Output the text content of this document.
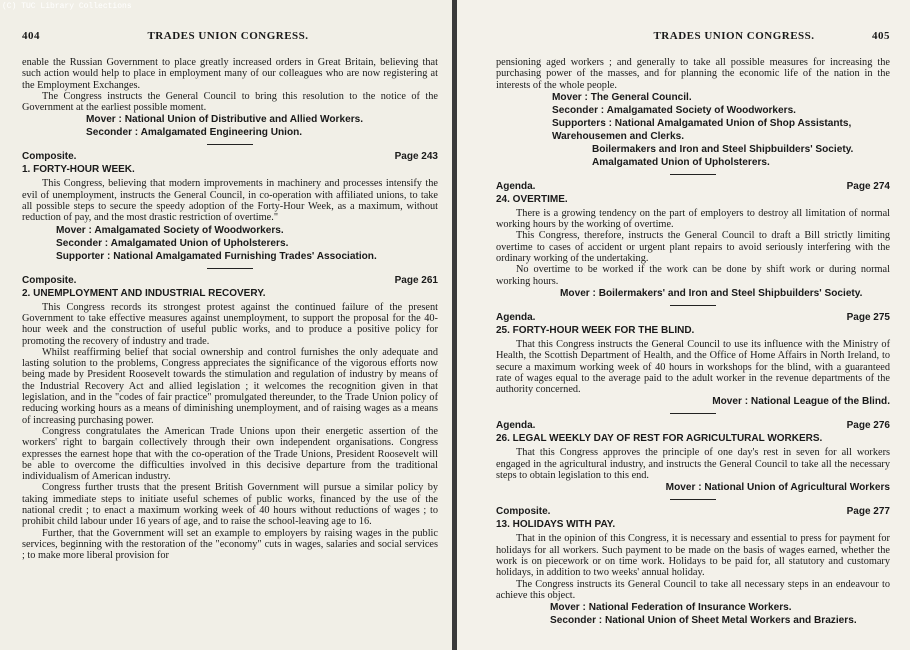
(C) TUC Library Collections
404	TRADES UNION CONGRESS.

enable the Russian Government to place greatly increased orders in Great Britain, believing that such action would help to place in employment many of our colleagues who are now registering at the Employment Exchanges.

The Congress instructs the General Council to bring this resolution to the notice of the Government at the earliest possible moment.

Mover : National Union of Distributive and Allied Workers.
Seconder : Amalgamated Engineering Union.
Composite.	Page 243
1. FORTY-HOUR WEEK.

This Congress, believing that modern improvements in machinery and processes intensify the evil of unemployment, instructs the General Council, in co-operation with affiliated unions, to take all possible steps to secure the speedy adoption of the Forty-Hour Week, as a maximum, without reduction of pay, and the most drastic restriction of overtime."

Mover : Amalgamated Society of Woodworkers.
Seconder : Amalgamated Union of Upholsterers.
Supporter : National Amalgamated Furnishing Trades' Association.
Composite.	Page 261
2. UNEMPLOYMENT AND INDUSTRIAL RECOVERY.

This Congress records its strongest protest against the continued failure of the present Government to take effective measures against unemployment, to support the proposal for the 40-hour week and the construction of useful public works, and to produce a positive policy for promoting the recovery of industry and trade.

Whilst reaffirming belief that social ownership and control furnishes the only adequate and lasting solution to the problems, Congress appreciates the significance of the vigorous efforts now being made by President Roosevelt towards the stimulation and regulation of industry by means of the Industrial Recovery Act and allied legislation ; it welcomes the recognition given in that legislation, and in the "codes of fair practice" promulgated thereunder, to the Trade Union policy of reducing working hours as a means of diminishing unemployment, and of raising wages as a means of increasing purchasing power.

Congress congratulates the American Trade Unions upon their energetic assertion of the workers' right to bargain collectively through their own independent organisations. Congress expresses the earnest hope that with the co-operation of the Trade Unions, President Roosevelt will be able to overcome the difficulties involved in this decisive departure from the traditional individualism of American industry.

Congress further trusts that the present British Government will pursue a similar policy by taking immediate steps to initiate useful schemes of public works, financed by the use of the national credit ; to enact a maximum working week of 40 hours without reductions of wages ; to prohibit child labour under 16 years of age, and to raise the school-leaving age to 16.

Further, that the Government will set an example to employers by raising wages in the public services, beginning with the restoration of the "economy" cuts in wages, salaries and social services ; to make more liberal provision for

TRADES UNION CONGRESS.	405

pensioning aged workers ; and generally to take all possible measures for increasing the purchasing power of the masses, and for planning the economic life of the nation in the interests of the whole people.

Mover : The General Council.
Seconder : Amalgamated Society of Woodworkers.
Supporters : National Amalgamated Union of Shop Assistants, Warehousemen and Clerks.
Boilermakers and Iron and Steel Shipbuilders' Society.
Amalgamated Union of Upholsterers.
Agenda.	Page 274
24. OVERTIME.

There is a growing tendency on the part of employers to destroy all limitation of normal working hours by the working of overtime.

This Congress, therefore, instructs the General Council to draft a Bill strictly limiting overtime to cases of accident or urgent plant repairs to avoid seriously interfering with the ordinary working of the undertaking.

No overtime to be worked if the work can be done by shift work or during normal working hours.

Mover : Boilermakers' and Iron and Steel Shipbuilders' Society.
Agenda.	Page 275
25. FORTY-HOUR WEEK FOR THE BLIND.

That this Congress instructs the General Council to use its influence with the Ministry of Health, the Scottish Department of Health, and the Office of Home Affairs in North Ireland, to secure a maximum working week of 40 hours in workshops for the blind, with a guaranteed rate of wages equal to the average paid to the adult worker in the revenue departments of the authority concerned.

Mover : National League of the Blind.
Agenda.	Page 276
26. LEGAL WEEKLY DAY OF REST FOR AGRICULTURAL WORKERS.

That this Congress approves the principle of one day's rest in seven for all workers engaged in the agricultural industry, and instructs the General Council to take all the necessary steps to obtain legislation to this end.

Mover : National Union of Agricultural Workers
Composite.	Page 277
13. HOLIDAYS WITH PAY.

That in the opinion of this Congress, it is necessary and essential to press for payment for holidays for all workers. Such payment to be made on the basis of wages earned, whether the work is on piecework or on time work. Holidays to be paid for, all statutory and customary holidays, in addition to two weeks' annual holiday.

The Congress instructs its General Council to take all necessary steps in an endeavour to achieve this object.

Mover : National Federation of Insurance Workers.
Seconder : National Union of Sheet Metal Workers and Braziers.
